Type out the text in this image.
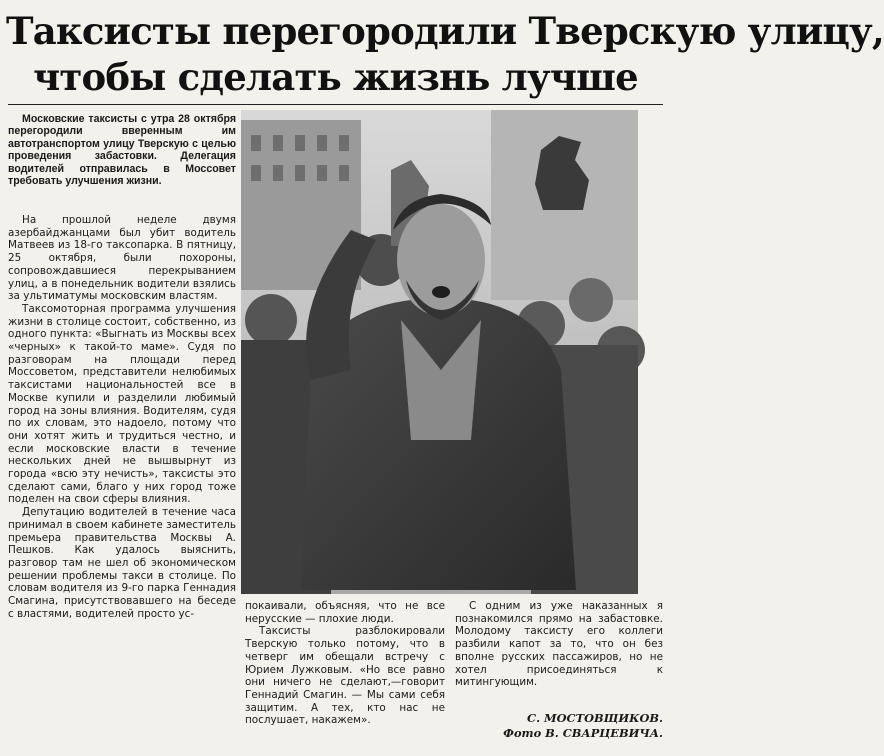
Таксисты перегородили Тверскую улицу,
чтобы сделать жизнь лучше

Московские таксисты с утра 28 октября перегородили вверенным им автотранспортом улицу Тверскую с целью проведения забастовки. Делегация водителей отправилась в Моссовет требовать улучшения жизни.

На прошлой неделе двумя азербайджанцами был убит водитель Матвеев из 18-го таксопарка. В пятницу, 25 октября, были похороны, сопровождавшиеся перекрыванием улиц, а в понедельник водители взялись за ультиматумы московским властям.

Таксомоторная программа улучшения жизни в столице состоит, собственно, из одного пункта: «Выгнать из Москвы всех «черных» к такой-то маме». Судя по разговорам на площади перед Моссоветом, представители нелюбимых таксистами национальностей все в Москве купили и разделили любимый город на зоны влияния. Водителям, судя по их словам, это надоело, потому что они хотят жить и трудиться честно, и если московские власти в течение нескольких дней не вышвырнут из города «всю эту нечисть», таксисты это сделают сами, благо у них город тоже поделен на свои сферы влияния.

Депутацию водителей в течение часа принимал в своем кабинете заместитель премьера правительства Москвы А. Пешков. Как удалось выяснить, разговор там не шел об экономическом решении проблемы такси в столице. По словам водителя из 9-го парка Геннадия Смагина, присутствовавшего на беседе с властями, водителей просто ус-

покаивали, объясняя, что не все нерусские — плохие люди.

Таксисты разблокировали Тверскую только потому, что в четверг им обещали встречу с Юрием Лужковым. «Но все равно они ничего не сделают,—говорит Геннадий Смагин. — Мы сами себя защитим. А тех, кто нас не послушает, накажем».

С одним из уже наказанных я познакомился прямо на забастовке. Молодому таксисту его коллеги разбили капот за то, что он без вполне русских пассажиров, но не хотел присоединяться к митингующим.

С. МОСТОВЩИКОВ.
Фото В. СВАРЦЕВИЧА.
